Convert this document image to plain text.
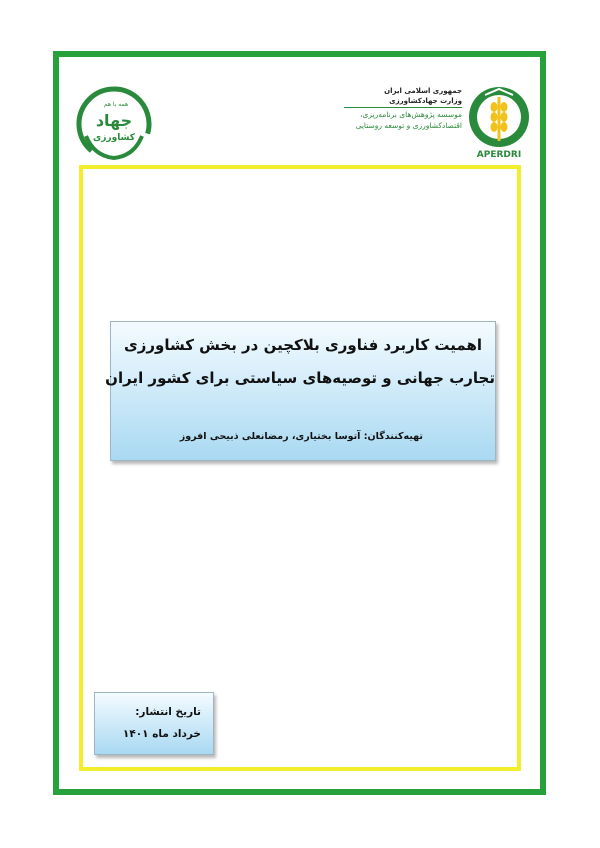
همه با هم
جهاد
کشاورزی
جمهوری اسلامی ایران
وزارت جهادکشاورزی
موسسه پژوهش‌های برنامه‌ریزی،
اقتصادکشاورزی و توسعه روستایی
APERDRI
اهمیت کاربرد فناوری بلاکچین در بخش کشاورزی
تجارب جهانی و توصیه‌های سیاستی برای کشور ایران
تهیه‌کنندگان: آتوسا بختیاری، رمضانعلی ذبیحی افروز
تاریخ انتشار:
خرداد ماه ۱۴۰۱
